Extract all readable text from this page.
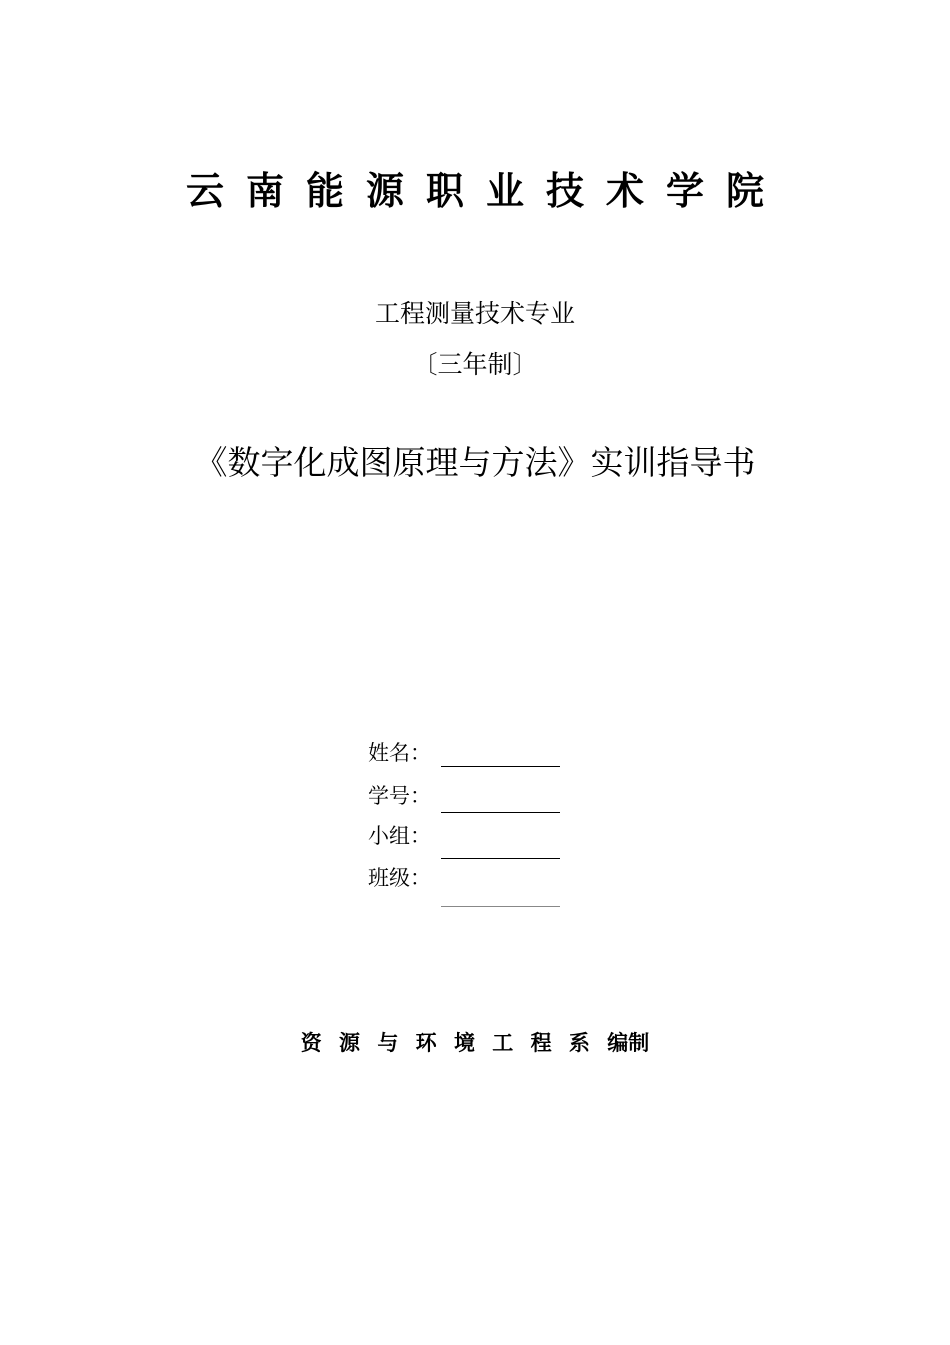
云南能源职业技术学院
工程测量技术专业
〔三年制〕
《数字化成图原理与方法》实训指导书
姓名：
学号：
小组：
班级：
资 源 与 环 境 工 程 系 编制
